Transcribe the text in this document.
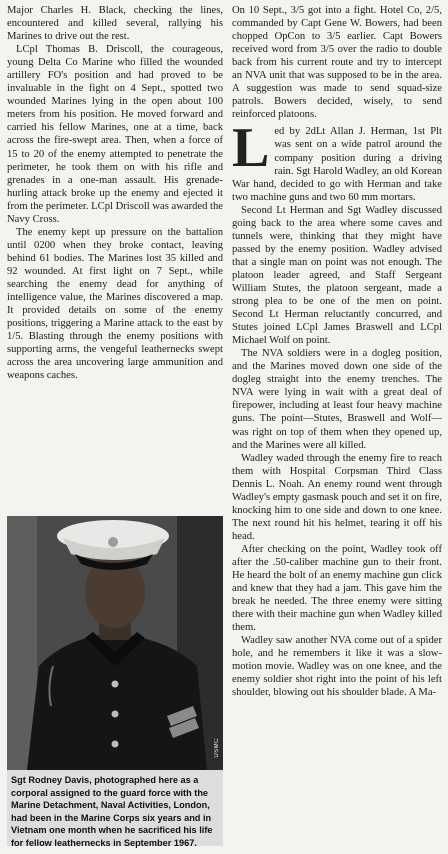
Major Charles H. Black, checking the lines, encountered and killed several, rallying his Marines to drive out the rest.

LCpl Thomas B. Driscoll, the courageous, young Delta Co Marine who filled the wounded artillery FO's position and had proved to be invaluable in the fight on 4 Sept., spotted two wounded Marines lying in the open about 100 meters from his position. He moved forward and carried his fellow Marines, one at a time, back across the fire-swept area. Then, when a force of 15 to 20 of the enemy attempted to penetrate the perimeter, he took them on with his rifle and grenades in a one-man assault. His grenade-hurling attack broke up the enemy and ejected it from the perimeter. LCpl Driscoll was awarded the Navy Cross.

The enemy kept up pressure on the battalion until 0200 when they broke contact, leaving behind 61 bodies. The Marines lost 35 killed and 92 wounded. At first light on 7 Sept., while searching the enemy dead for anything of intelligence value, the Marines discovered a map. It provided details on some of the enemy positions, triggering a Marine attack to the east by 1/5. Blasting through the enemy positions with supporting arms, the vengeful leathernecks swept across the area uncovering large ammunition and weapons caches.

USMC
Sgt Rodney Davis, photographed here as a corporal assigned to the guard force with the Marine Detachment, Naval Activities, London, had been in the Marine Corps six years and in Vietnam one month when he sacrificed his life for fellow leathernecks in September 1967.

On 10 Sept., 3/5 got into a fight. Hotel Co, 2/5, commanded by Capt Gene W. Bowers, had been chopped OpCon to 3/5 earlier. Capt Bowers received word from 3/5 over the radio to double back from his current route and try to intercept an NVA unit that was supposed to be in the area. A suggestion was made to send squad-size patrols. Bowers decided, wisely, to send reinforced platoons.

Led by 2dLt Allan J. Herman, 1st Plt was sent on a wide patrol around the company position during a driving rain. Sgt Harold Wadley, an old Korean War hand, decided to go with Herman and take two machine guns and two 60 mm mortars.

Second Lt Herman and Sgt Wadley discussed going back to the area where some caves and tunnels were, thinking that they might have passed by the enemy position. Wadley advised that a single man on point was not enough. The platoon leader agreed, and Staff Sergeant William Stutes, the platoon sergeant, made a strong plea to be one of the men on point. Second Lt Herman reluctantly concurred, and Stutes joined LCpl James Braswell and LCpl Michael Wolf on point.

The NVA soldiers were in a dogleg position, and the Marines moved down one side of the dogleg straight into the enemy trenches. The NVA were lying in wait with a great deal of firepower, including at least four heavy machine guns. The point—Stutes, Braswell and Wolf—was right on top of them when they opened up, and the Marines were all killed.

Wadley waded through the enemy fire to reach them with Hospital Corpsman Third Class Dennis L. Noah. An enemy round went through Wadley's empty gasmask pouch and set it on fire, knocking him to one side and down to one knee. The next round hit his helmet, tearing it off his head.

After checking on the point, Wadley took off after the .50-caliber machine gun to their front. He heard the bolt of an enemy machine gun click and knew that they had a jam. This gave him the break he needed. The three enemy were sitting there with their machine gun when Wadley killed them.

Wadley saw another NVA come out of a spider hole, and he remembers it like it was a slow-motion movie. Wadley was on one knee, and the enemy soldier shot right into the point of his left shoulder, blowing out his shoulder blade. A Ma-
